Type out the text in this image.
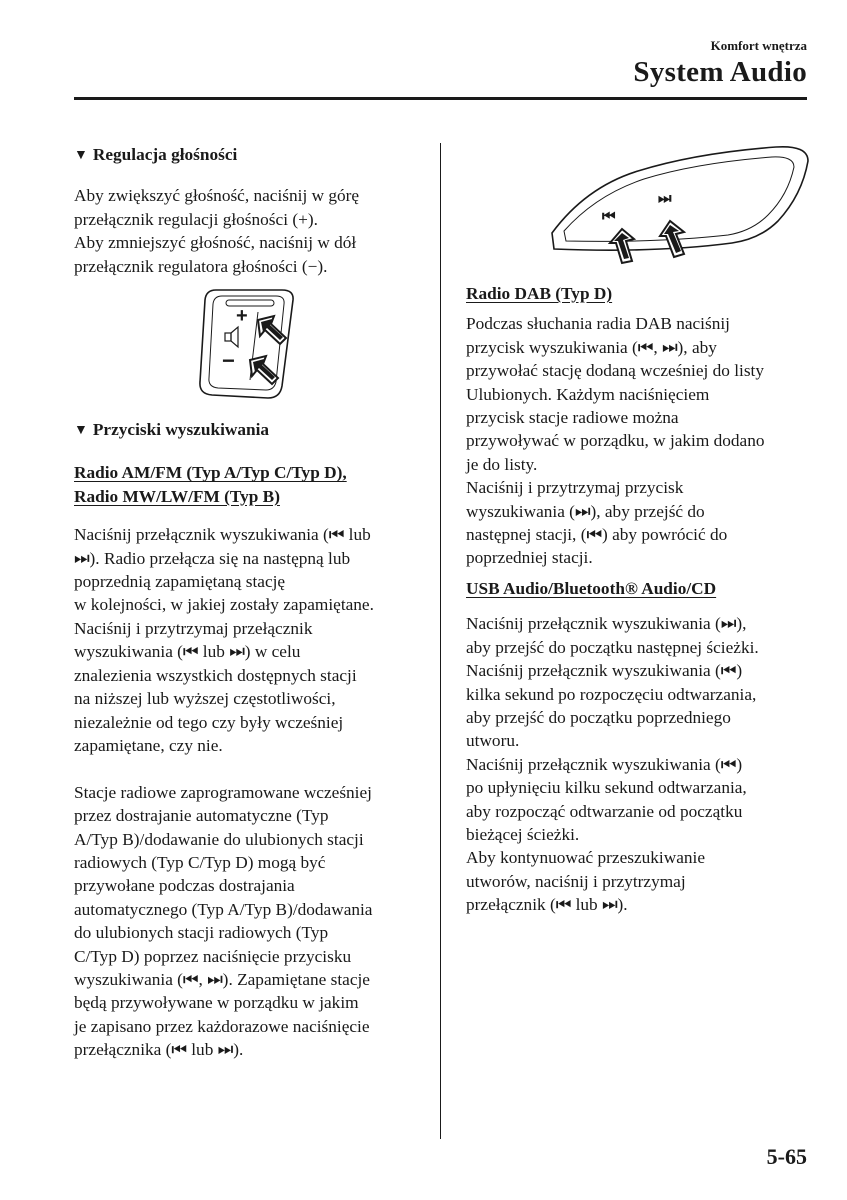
Komfort wnętrza
System Audio
▼ Regulacja głośności

Aby zwiększyć głośność, naciśnij w górę
przełącznik regulacji głośności (+).
Aby zmniejszyć głośność, naciśnij w dół
przełącznik regulatora głośności (−).

+
−
▼ Przyciski wyszukiwania
Radio AM/FM (Typ A/Typ C/Typ D),
Radio MW/LW/FM (Typ B)

Naciśnij przełącznik wyszukiwania (⏮ lub
⏭). Radio przełącza się na następną lub
poprzednią zapamiętaną stację
w kolejności, w jakiej zostały zapamiętane.
Naciśnij i przytrzymaj przełącznik
wyszukiwania (⏮ lub ⏭) w celu
znalezienia wszystkich dostępnych stacji
na niższej lub wyższej częstotliwości,
niezależnie od tego czy były wcześniej
zapamiętane, czy nie.

Stacje radiowe zaprogramowane wcześniej
przez dostrajanie automatyczne (Typ
A/Typ B)/dodawanie do ulubionych stacji
radiowych (Typ C/Typ D) mogą być
przywołane podczas dostrajania
automatycznego (Typ A/Typ B)/dodawania
do ulubionych stacji radiowych (Typ
C/Typ D) poprzez naciśnięcie przycisku
wyszukiwania (⏮, ⏭). Zapamiętane stacje
będą przywoływane w porządku w jakim
je zapisano przez każdorazowe naciśnięcie
przełącznika (⏮ lub ⏭).

⏮
⏭
Radio DAB (Typ D)

Podczas słuchania radia DAB naciśnij
przycisk wyszukiwania (⏮, ⏭), aby
przywołać stację dodaną wcześniej do listy
Ulubionych. Każdym naciśnięciem
przycisk stacje radiowe można
przywoływać w porządku, w jakim dodano
je do listy.
Naciśnij i przytrzymaj przycisk
wyszukiwania (⏭), aby przejść do
następnej stacji, (⏮) aby powrócić do
poprzedniej stacji.

USB Audio/Bluetooth® Audio/CD

Naciśnij przełącznik wyszukiwania (⏭),
aby przejść do początku następnej ścieżki.
Naciśnij przełącznik wyszukiwania (⏮)
kilka sekund po rozpoczęciu odtwarzania,
aby przejść do początku poprzedniego
utworu.
Naciśnij przełącznik wyszukiwania (⏮)
po upłynięciu kilku sekund odtwarzania,
aby rozpocząć odtwarzanie od początku
bieżącej ścieżki.
Aby kontynuować przeszukiwanie
utworów, naciśnij i przytrzymaj
przełącznik (⏮ lub ⏭).

5-65
